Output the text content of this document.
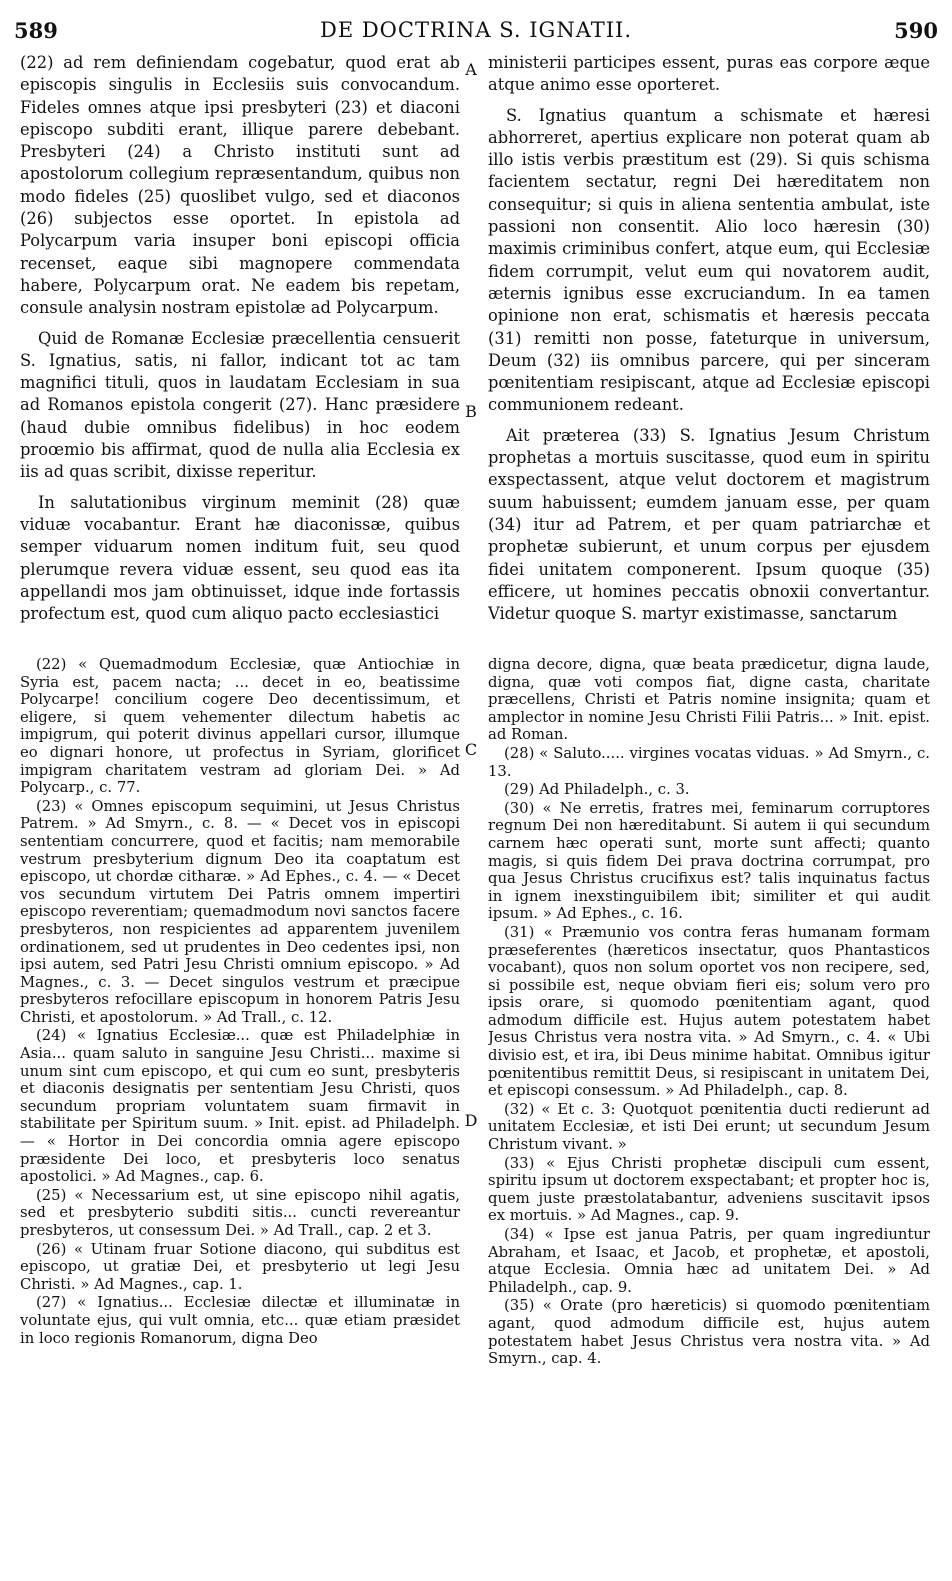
589	DE DOCTRINA S. IGNATII.	590
A
B
C
D

(22) ad rem definiendam cogebatur, quod erat ab episcopis singulis in Ecclesiis suis convocandum. Fideles omnes atque ipsi presbyteri (23) et diaconi episcopo subditi erant, illique parere debebant. Presbyteri (24) a Christo instituti sunt ad apostolorum collegium repræsentandum, quibus non modo fideles (25) quoslibet vulgo, sed et diaconos (26) subjectos esse oportet. In epistola ad Polycarpum varia insuper boni episcopi officia recenset, eaque sibi magnopere commendata habere, Polycarpum orat. Ne eadem bis repetam, consule analysin nostram epistolæ ad Polycarpum.

Quid de Romanæ Ecclesiæ præcellentia censuerit S. Ignatius, satis, ni fallor, indicant tot ac tam magnifici tituli, quos in laudatam Ecclesiam in sua ad Romanos epistola congerit (27). Hanc præsidere (haud dubie omnibus fidelibus) in hoc eodem proœmio bis affirmat, quod de nulla alia Ecclesia ex iis ad quas scribit, dixisse reperitur.

In salutationibus virginum meminit (28) quæ viduæ vocabantur. Erant hæ diaconissæ, quibus semper viduarum nomen inditum fuit, seu quod plerumque revera viduæ essent, seu quod eas ita appellandi mos jam obtinuisset, idque inde fortassis profectum est, quod cum aliquo pacto ecclesiastici

ministerii participes essent, puras eas corpore æque atque animo esse oporteret.

S. Ignatius quantum a schismate et hæresi abhorreret, apertius explicare non poterat quam ab illo istis verbis præstitum est (29). Si quis schisma facientem sectatur, regni Dei hæreditatem non consequitur; si quis in aliena sententia ambulat, iste passioni non consentit. Alio loco hæresin (30) maximis criminibus confert, atque eum, qui Ecclesiæ fidem corrumpit, velut eum qui novatorem audit, æternis ignibus esse excruciandum. In ea tamen opinione non erat, schismatis et hæresis peccata (31) remitti non posse, fateturque in universum, Deum (32) iis omnibus parcere, qui per sinceram pœnitentiam resipiscant, atque ad Ecclesiæ episcopi communionem redeant.

Ait præterea (33) S. Ignatius Jesum Christum prophetas a mortuis suscitasse, quod eum in spiritu exspectassent, atque velut doctorem et magistrum suum habuissent; eumdem januam esse, per quam (34) itur ad Patrem, et per quam patriarchæ et prophetæ subierunt, et unum corpus per ejusdem fidei unitatem componerent. Ipsum quoque (35) efficere, ut homines peccatis obnoxii convertantur. Videtur quoque S. martyr existimasse, sanctarum

(22) « Quemadmodum Ecclesiæ, quæ Antiochiæ in Syria est, pacem nacta; ... decet in eo, beatissime Polycarpe! concilium cogere Deo decentissimum, et eligere, si quem vehementer dilectum habetis ac impigrum, qui poterit divinus appellari cursor, illumque eo dignari honore, ut profectus in Syriam, glorificet impigram charitatem vestram ad gloriam Dei. » Ad Polycarp., c. 77.

(23) « Omnes episcopum sequimini, ut Jesus Christus Patrem. » Ad Smyrn., c. 8. — « Decet vos in episcopi sententiam concurrere, quod et facitis; nam memorabile vestrum presbyterium dignum Deo ita coaptatum est episcopo, ut chordæ citharæ. » Ad Ephes., c. 4. — « Decet vos secundum virtutem Dei Patris omnem impertiri episcopo reverentiam; quemadmodum novi sanctos facere presbyteros, non respicientes ad apparentem juvenilem ordinationem, sed ut prudentes in Deo cedentes ipsi, non ipsi autem, sed Patri Jesu Christi omnium episcopo. » Ad Magnes., c. 3. — Decet singulos vestrum et præcipue presbyteros refocillare episcopum in honorem Patris Jesu Christi, et apostolorum. » Ad Trall., c. 12.

(24) « Ignatius Ecclesiæ... quæ est Philadelphiæ in Asia... quam saluto in sanguine Jesu Christi... maxime si unum sint cum episcopo, et qui cum eo sunt, presbyteris et diaconis designatis per sententiam Jesu Christi, quos secundum propriam voluntatem suam firmavit in stabilitate per Spiritum suum. » Init. epist. ad Philadelph. — « Hortor in Dei concordia omnia agere episcopo præsidente Dei loco, et presbyteris loco senatus apostolici. » Ad Magnes., cap. 6.

(25) « Necessarium est, ut sine episcopo nihil agatis, sed et presbyterio subditi sitis... cuncti revereantur presbyteros, ut consessum Dei. » Ad Trall., cap. 2 et 3.

(26) « Utinam fruar Sotione diacono, qui subditus est episcopo, ut gratiæ Dei, et presbyterio ut legi Jesu Christi. » Ad Magnes., cap. 1.

(27) « Ignatius... Ecclesiæ dilectæ et illuminatæ in voluntate ejus, qui vult omnia, etc... quæ etiam præsidet in loco regionis Romanorum, digna Deo

digna decore, digna, quæ beata prædicetur, digna laude, digna, quæ voti compos fiat, digne casta, charitate præcellens, Christi et Patris nomine insignita; quam et amplector in nomine Jesu Christi Filii Patris... » Init. epist. ad Roman.

(28) « Saluto..... virgines vocatas viduas. » Ad Smyrn., c. 13.

(29) Ad Philadelph., c. 3.

(30) « Ne erretis, fratres mei, feminarum corruptores regnum Dei non hæreditabunt. Si autem ii qui secundum carnem hæc operati sunt, morte sunt affecti; quanto magis, si quis fidem Dei prava doctrina corrumpat, pro qua Jesus Christus crucifixus est? talis inquinatus factus in ignem inexstinguibilem ibit; similiter et qui audit ipsum. » Ad Ephes., c. 16.

(31) « Præmunio vos contra feras humanam formam præseferentes (hæreticos insectatur, quos Phantasticos vocabant), quos non solum oportet vos non recipere, sed, si possibile est, neque obviam fieri eis; solum vero pro ipsis orare, si quomodo pœnitentiam agant, quod admodum difficile est. Hujus autem potestatem habet Jesus Christus vera nostra vita. » Ad Smyrn., c. 4. « Ubi divisio est, et ira, ibi Deus minime habitat. Omnibus igitur pœnitentibus remittit Deus, si resipiscant in unitatem Dei, et episcopi consessum. » Ad Philadelph., cap. 8.

(32) « Et c. 3: Quotquot pœnitentia ducti redierunt ad unitatem Ecclesiæ, et isti Dei erunt; ut secundum Jesum Christum vivant. »

(33) « Ejus Christi prophetæ discipuli cum essent, spiritu ipsum ut doctorem exspectabant; et propter hoc is, quem juste præstolatabantur, adveniens suscitavit ipsos ex mortuis. » Ad Magnes., cap. 9.

(34) « Ipse est janua Patris, per quam ingrediuntur Abraham, et Isaac, et Jacob, et prophetæ, et apostoli, atque Ecclesia. Omnia hæc ad unitatem Dei. » Ad Philadelph., cap. 9.

(35) « Orate (pro hæreticis) si quomodo pœnitentiam agant, quod admodum difficile est, hujus autem potestatem habet Jesus Christus vera nostra vita. » Ad Smyrn., cap. 4.
